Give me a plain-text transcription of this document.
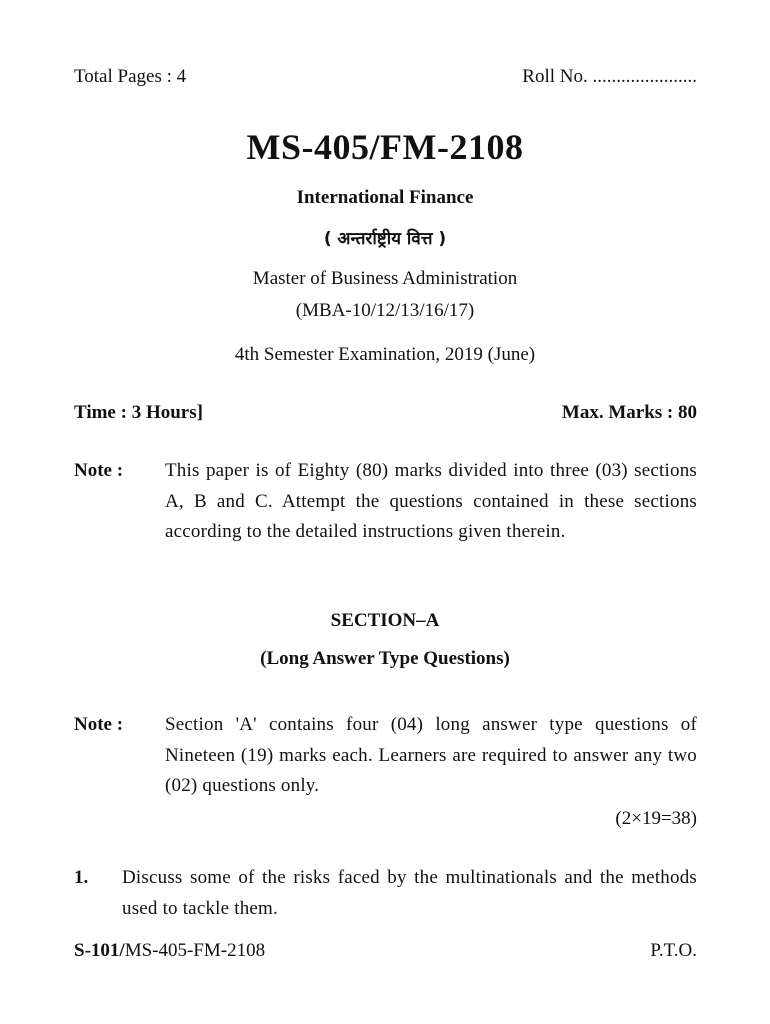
Total Pages : 4	Roll No. ......................
MS-405/FM-2108
International Finance
( अन्तर्राष्ट्रीय वित्त )
Master of Business Administration
(MBA-10/12/13/16/17)
4th Semester Examination, 2019 (June)
Time : 3 Hours]	Max. Marks : 80
Note : This paper is of Eighty (80) marks divided into three (03) sections A, B and C. Attempt the questions contained in these sections according to the detailed instructions given therein.
SECTION–A
(Long Answer Type Questions)
Note : Section 'A' contains four (04) long answer type questions of Nineteen (19) marks each. Learners are required to answer any two (02) questions only.
(2×19=38)
1. Discuss some of the risks faced by the multinationals and the methods used to tackle them.
S-101/MS-405-FM-2108	P.T.O.
